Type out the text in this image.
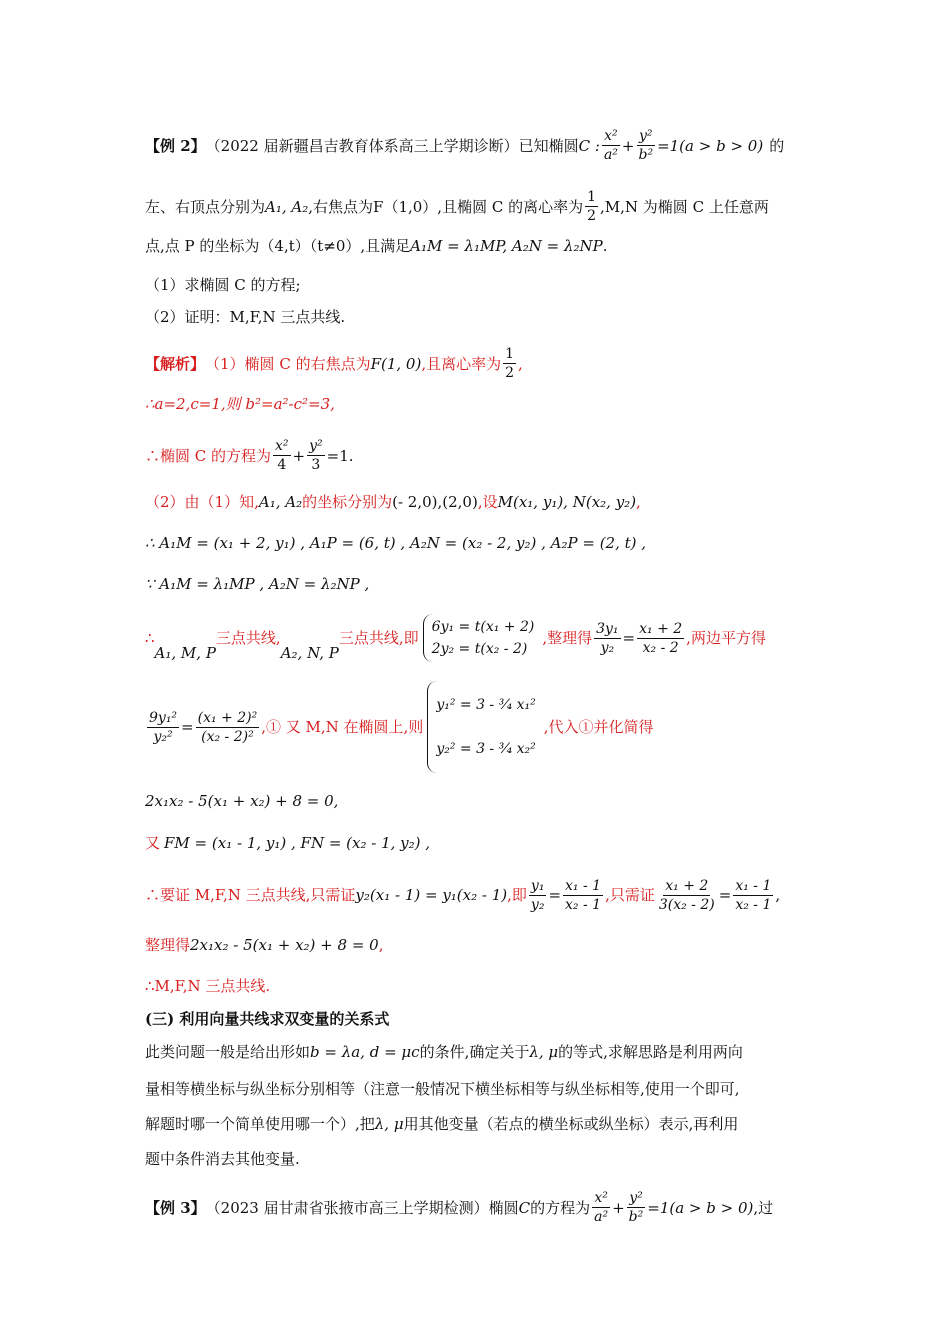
【例 2】 （2022 届新疆昌吉教育体系高三上学期诊断）已知椭圆 C : $\frac{\text{x²}}{\text{a²}} + \frac{\text{y²}}{\text{b²}} =1(a > b > 0)$ 的
左、右顶点分别为 A₁, A₂ ,右焦点为 F（1,0） ,且椭圆 C 的离心率为 $\frac{1}{2} ,M,N$ 为椭圆 C 上任意两
点,点 P 的坐标为（4,t）（t≠0）,且满足 A₁M = λ₁MP, A₂N = λ₂NP .
（1）求椭圆 C 的方程;
（2）证明：M,F,N 三点共线.
【解析】 （1）椭圆 C 的右焦点为 F(1, 0) ,且离心率为 $\frac{1}{2}$ ,
∴a=2,c=1,则 b²=a²-c²=3,
∴椭圆 C 的方程为 $\frac{\text{x²}}{4} + \frac{\text{y²}}{3} =1$.
（2）由（1）知, A₁, A₂ 的坐标分别为 (- 2,0),(2,0) ,设 M(x₁, y₁), N(x₂, y₂) ,
∴ A₁M = (x₁ + 2, y₁) , A₁P = (6, t) , A₂N = (x₂ - 2, y₂) , A₂P = (2, t) ,
∵ A₁M = λ₁MP , A₂N = λ₂NP ,
∴
A₁, M, P
三点共线,
A₂, N, P
三点共线,即
6y₁ = t(x₁ + 2)
2y₂ = t(x₂ - 2)
,整理得 $\frac{\text{3y₁}}{\text{y₂}} = \frac{\text{x₁ + 2}}{\text{x₂ - 2}}$ ,两边平方得
$\frac{\text{9y₁²}}{\text{y₂²}} = \frac{\text{(x₁ + 2)²}}{\text{(x₂ - 2)²}}$ ,① 又 M,N 在椭圆上,则
y₁² = 3 - ³⁄₄ x₁²
y₂² = 3 - ³⁄₄ x₂²
,代入①并化简得
2x₁x₂ - 5(x₁ + x₂) + 8 = 0,
又 FM = (x₁ - 1, y₁) , FN = (x₂ - 1, y₂) ,
∴要证 M,F,N 三点共线,只需证 y₂(x₁ - 1) = y₁(x₂ - 1) ,即 $\frac{\text{y₁}}{\text{y₂}} = \frac{\text{x₁ - 1}}{\text{x₂ - 1}}$ ,只需证 $\frac{\text{x₁ + 2}}{\text{3(x₂ - 2)}} = \frac{\text{x₁ - 1}}{\text{x₂ - 1}}$ ,
整理得 2x₁x₂ - 5(x₁ + x₂) + 8 = 0 ,
∴M,F,N 三点共线.
(三) 利用向量共线求双变量的关系式
此类问题一般是给出形如 b = λa, d = μc 的条件,确定关于 λ, μ 的等式,求解思路是利用两向
量相等横坐标与纵坐标分别相等（注意一般情况下横坐标相等与纵坐标相等,使用一个即可,
解题时哪一个简单使用哪一个）,把 λ, μ 用其他变量（若点的横坐标或纵坐标）表示,再利用
题中条件消去其他变量.
【例 3】 （2023 届甘肃省张掖市高三上学期检测）椭圆 C 的方程为 $\frac{\text{x²}}{\text{a²}} + \frac{\text{y²}}{\text{b²}} =1(a > b > 0)$ ,过
